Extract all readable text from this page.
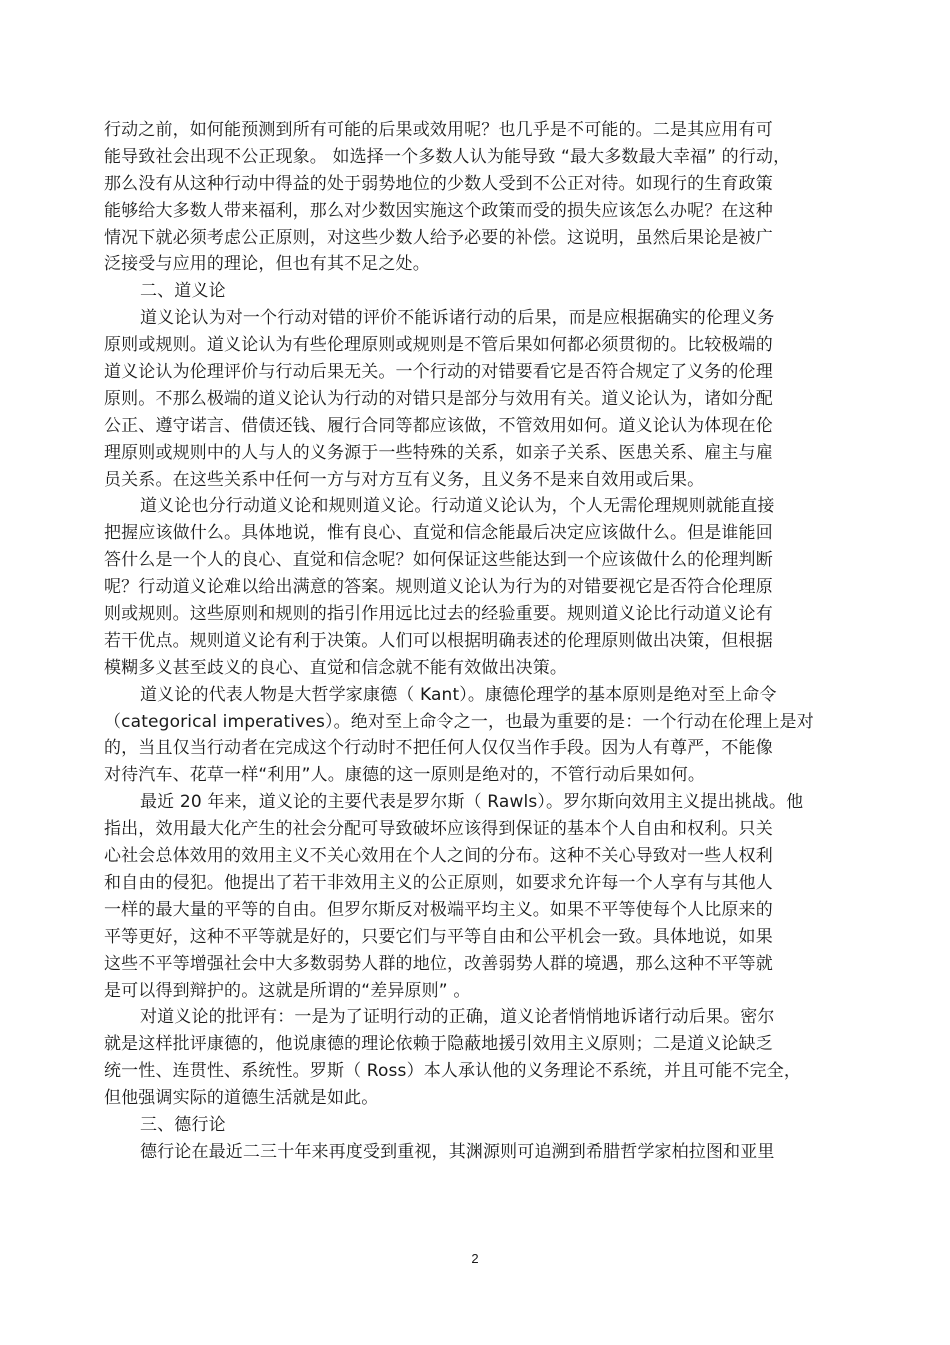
行动之前，如何能预测到所有可能的后果或效用呢？也几乎是不可能的。二是其应用有可
能导致社会出现不公正现象。 如选择一个多数人认为能导致 “最大多数最大幸福” 的行动，
那么没有从这种行动中得益的处于弱势地位的少数人受到不公正对待。如现行的生育政策
能够给大多数人带来福利，那么对少数因实施这个政策而受的损失应该怎么办呢？在这种
情况下就必须考虑公正原则，对这些少数人给予必要的补偿。这说明，虽然后果论是被广
泛接受与应用的理论，但也有其不足之处。
二、道义论
道义论认为对一个行动对错的评价不能诉诸行动的后果，而是应根据确实的伦理义务
原则或规则。道义论认为有些伦理原则或规则是不管后果如何都必须贯彻的。比较极端的
道义论认为伦理评价与行动后果无关。一个行动的对错要看它是否符合规定了义务的伦理
原则。不那么极端的道义论认为行动的对错只是部分与效用有关。道义论认为，诸如分配
公正、遵守诺言、借债还钱、履行合同等都应该做，不管效用如何。道义论认为体现在伦
理原则或规则中的人与人的义务源于一些特殊的关系，如亲子关系、医患关系、雇主与雇
员关系。在这些关系中任何一方与对方互有义务，且义务不是来自效用或后果。
道义论也分行动道义论和规则道义论。行动道义论认为，个人无需伦理规则就能直接
把握应该做什么。具体地说，惟有良心、直觉和信念能最后决定应该做什么。但是谁能回
答什么是一个人的良心、直觉和信念呢？如何保证这些能达到一个应该做什么的伦理判断
呢？行动道义论难以给出满意的答案。规则道义论认为行为的对错要视它是否符合伦理原
则或规则。这些原则和规则的指引作用远比过去的经验重要。规则道义论比行动道义论有
若干优点。规则道义论有利于决策。人们可以根据明确表述的伦理原则做出决策，但根据
模糊多义甚至歧义的良心、直觉和信念就不能有效做出决策。
道义论的代表人物是大哲学家康德（ Kant）。康德伦理学的基本原则是绝对至上命令
（categorical imperatives）。绝对至上命令之一，也最为重要的是：一个行动在伦理上是对
的，当且仅当行动者在完成这个行动时不把任何人仅仅当作手段。因为人有尊严，不能像
对待汽车、花草一样“利用”人。康德的这一原则是绝对的，不管行动后果如何。
最近 20 年来，道义论的主要代表是罗尔斯（ Rawls）。罗尔斯向效用主义提出挑战。他
指出，效用最大化产生的社会分配可导致破坏应该得到保证的基本个人自由和权利。只关
心社会总体效用的效用主义不关心效用在个人之间的分布。这种不关心导致对一些人权利
和自由的侵犯。他提出了若干非效用主义的公正原则，如要求允许每一个人享有与其他人
一样的最大量的平等的自由。但罗尔斯反对极端平均主义。如果不平等使每个人比原来的
平等更好，这种不平等就是好的，只要它们与平等自由和公平机会一致。具体地说，如果
这些不平等增强社会中大多数弱势人群的地位，改善弱势人群的境遇，那么这种不平等就
是可以得到辩护的。这就是所谓的“差异原则” 。
对道义论的批评有：一是为了证明行动的正确，道义论者悄悄地诉诸行动后果。密尔
就是这样批评康德的，他说康德的理论依赖于隐蔽地援引效用主义原则；二是道义论缺乏
统一性、连贯性、系统性。罗斯（ Ross）本人承认他的义务理论不系统，并且可能不完全，
但他强调实际的道德生活就是如此。
三、德行论
德行论在最近二三十年来再度受到重视，其渊源则可追溯到希腊哲学家柏拉图和亚里
2
